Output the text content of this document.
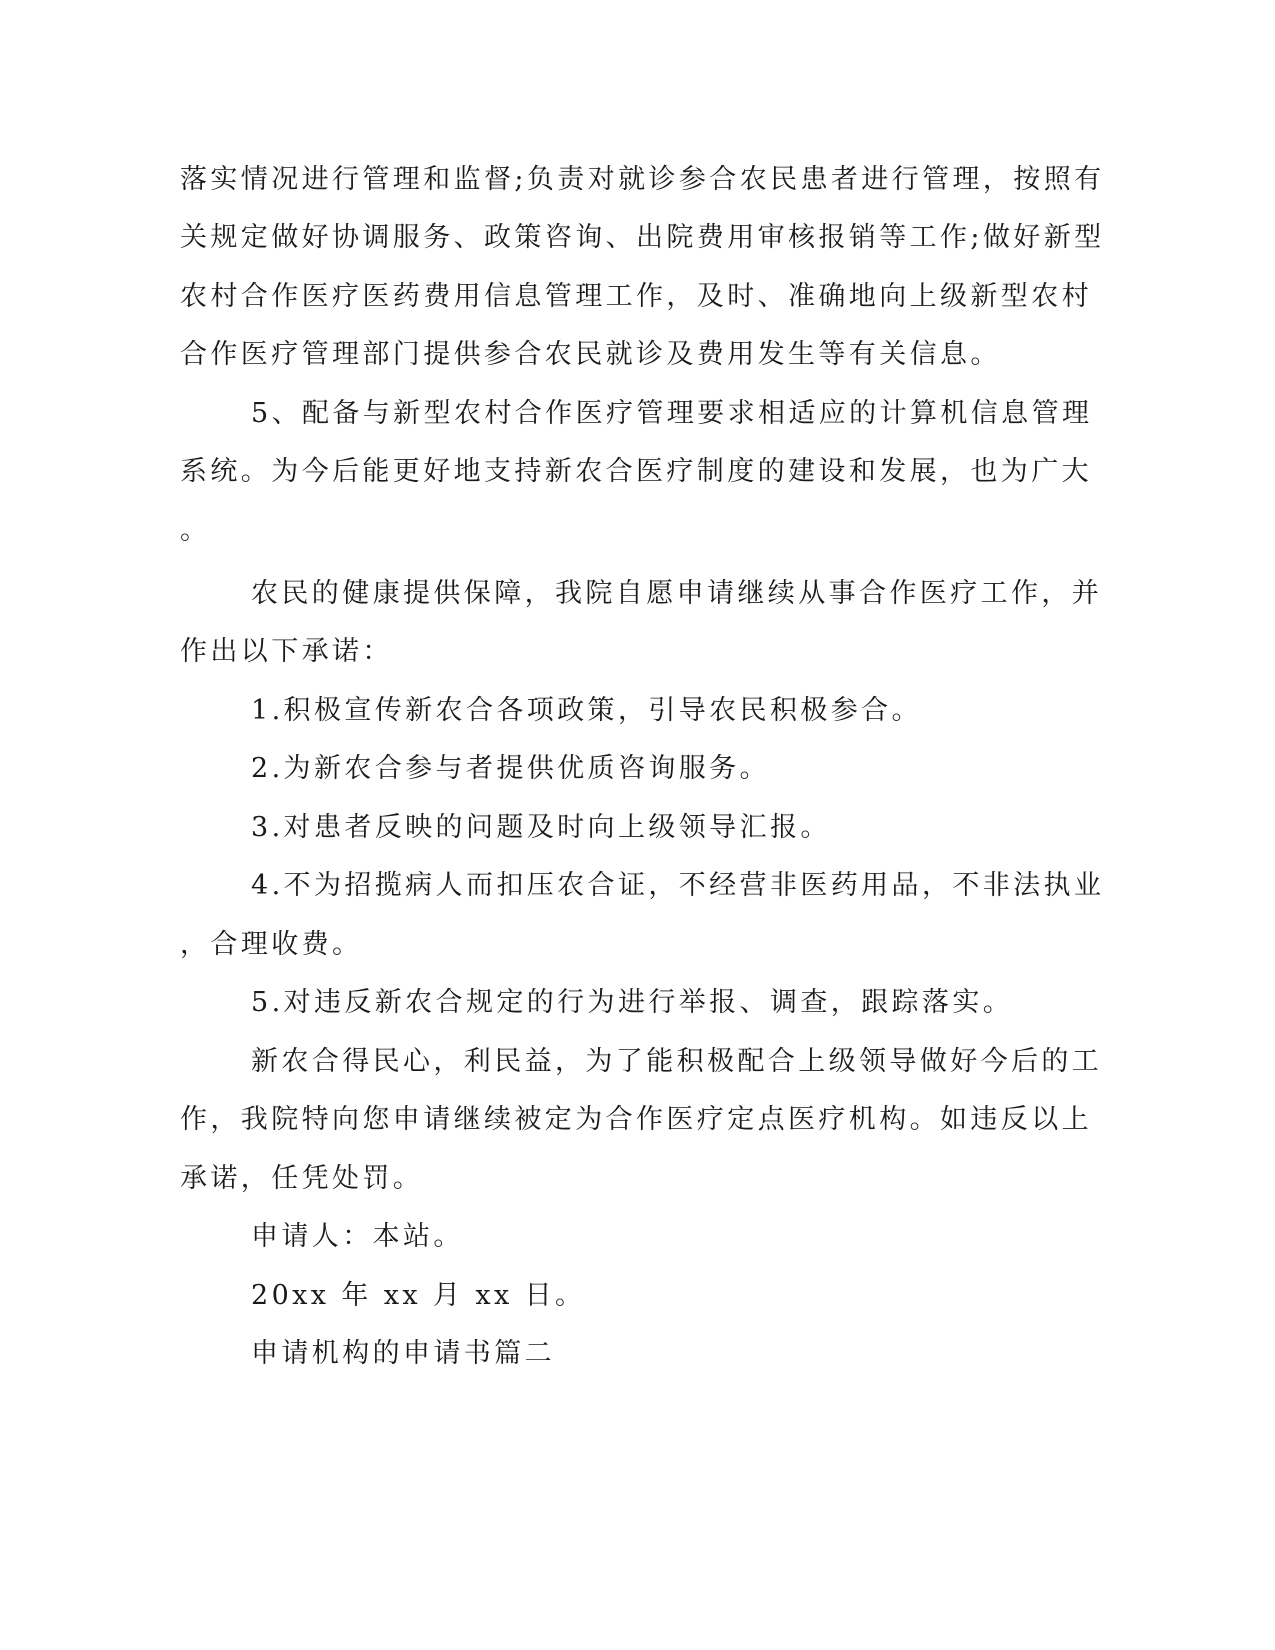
落实情况进行管理和监督;负责对就诊参合农民患者进行管理，按照有
关规定做好协调服务、政策咨询、出院费用审核报销等工作;做好新型
农村合作医疗医药费用信息管理工作，及时、准确地向上级新型农村
合作医疗管理部门提供参合农民就诊及费用发生等有关信息。
5、配备与新型农村合作医疗管理要求相适应的计算机信息管理
系统。为今后能更好地支持新农合医疗制度的建设和发展，也为广大
。
农民的健康提供保障，我院自愿申请继续从事合作医疗工作，并
作出以下承诺：
1.积极宣传新农合各项政策，引导农民积极参合。
2.为新农合参与者提供优质咨询服务。
3.对患者反映的问题及时向上级领导汇报。
4.不为招揽病人而扣压农合证，不经营非医药用品，不非法执业
，合理收费。
5.对违反新农合规定的行为进行举报、调查，跟踪落实。
新农合得民心，利民益，为了能积极配合上级领导做好今后的工
作，我院特向您申请继续被定为合作医疗定点医疗机构。如违反以上
承诺，任凭处罚。
申请人：本站。
20xx 年 xx 月 xx 日。
申请机构的申请书篇二
